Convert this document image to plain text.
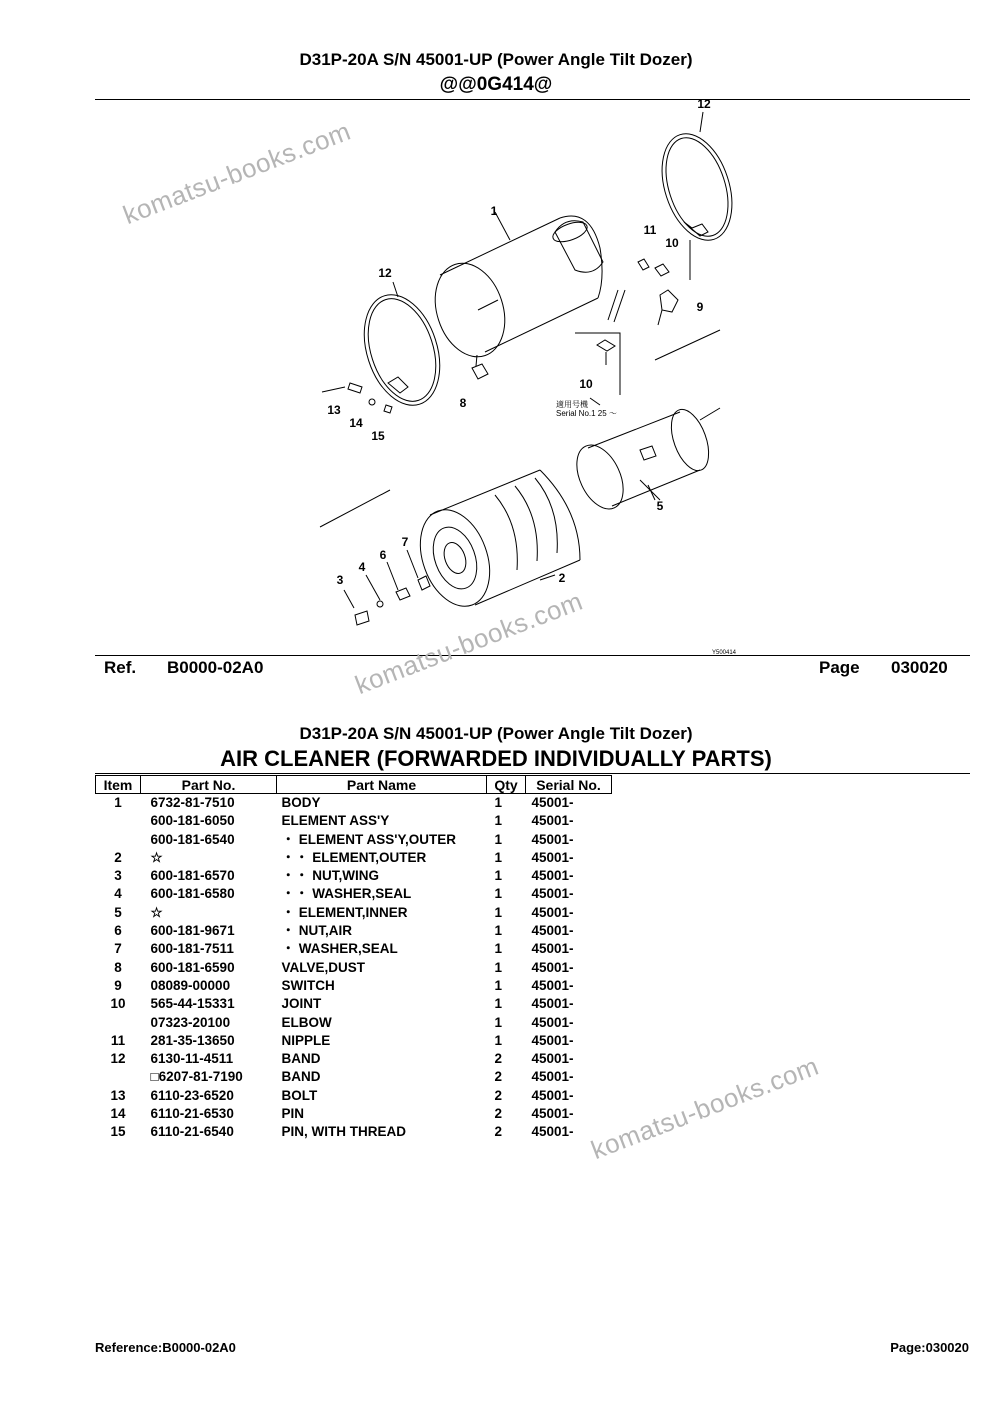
D31P-20A S/N 45001-UP (Power Angle Tilt Dozer)
@@0G414@
12
1
11
10
12
9
8
13
14
15
10
5
7
6
4
3	2
適用号機
Serial No.1 25 ～
Y500414
Ref. B0000-02A0	Page 030020
D31P-20A S/N 45001-UP (Power Angle Tilt Dozer)
AIR CLEANER (FORWARDED INDIVIDUALLY PARTS)
Item	Part No.	Part Name	Qty	Serial No.
1	6732-81-7510	BODY	1	45001-
	600-181-6050	ELEMENT ASS'Y	1	45001-
	600-181-6540	・ ELEMENT ASS'Y,OUTER	1	45001-
2	☆	・・ ELEMENT,OUTER	1	45001-
3	600-181-6570	・・ NUT,WING	1	45001-
4	600-181-6580	・・ WASHER,SEAL	1	45001-
5	☆	・ ELEMENT,INNER	1	45001-
6	600-181-9671	・ NUT,AIR	1	45001-
7	600-181-7511	・ WASHER,SEAL	1	45001-
8	600-181-6590	VALVE,DUST	1	45001-
9	08089-00000	SWITCH	1	45001-
10	565-44-15331	JOINT	1	45001-
	07323-20100	ELBOW	1	45001-
11	281-35-13650	NIPPLE	1	45001-
12	6130-11-4511	BAND	2	45001-
	□6207-81-7190	BAND	2	45001-
13	6110-23-6520	BOLT	2	45001-
14	6110-21-6530	PIN	2	45001-
15	6110-21-6540	PIN, WITH THREAD	2	45001-
Reference:B0000-02A0	Page:030020
komatsu-books.com
komatsu-books.com
komatsu-books.com
